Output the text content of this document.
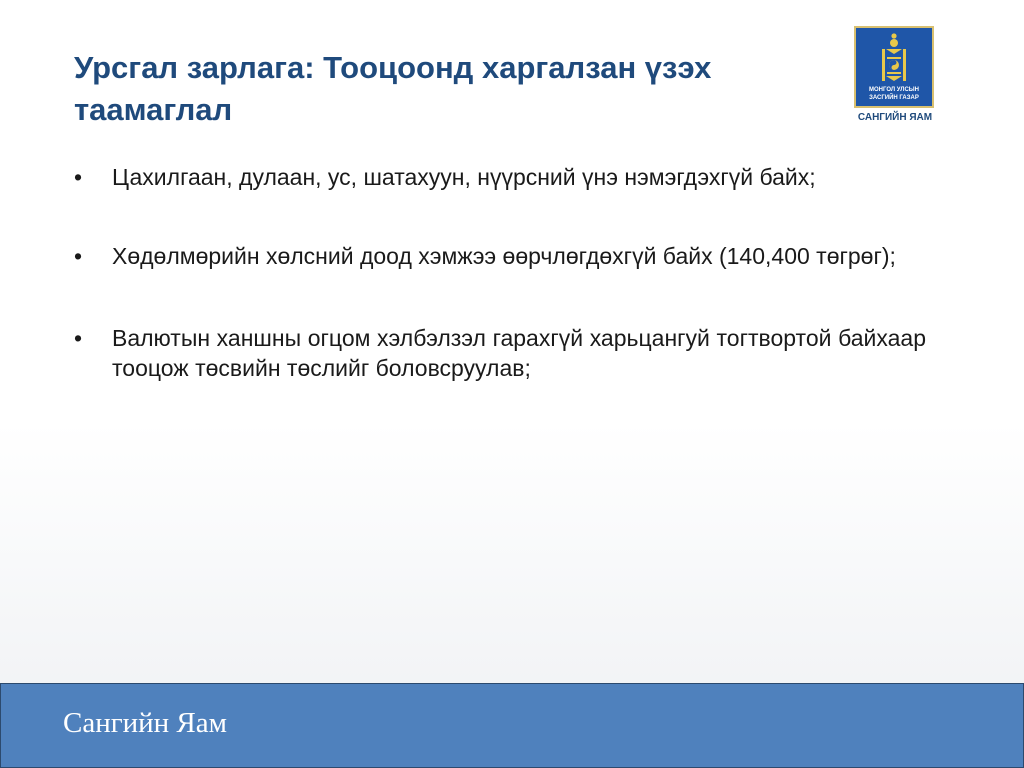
Урсгал зарлага: Тооцоонд харгалзан үзэх таамаглал
МОНГОЛ УЛСЫН
ЗАСГИЙН ГАЗАР
САНГИЙН ЯАМ
•	Цахилгаан, дулаан, ус, шатахуун, нүүрсний үнэ нэмэгдэхгүй байх;
•	Хөдөлмөрийн хөлсний доод хэмжээ өөрчлөгдөхгүй байх (140,400 төгрөг);
•	Валютын ханшны огцом хэлбэлзэл гарахгүй харьцангуй тогтвортой байхаар тооцож төсвийн төслийг боловсруулав;
Сангийн Яам
